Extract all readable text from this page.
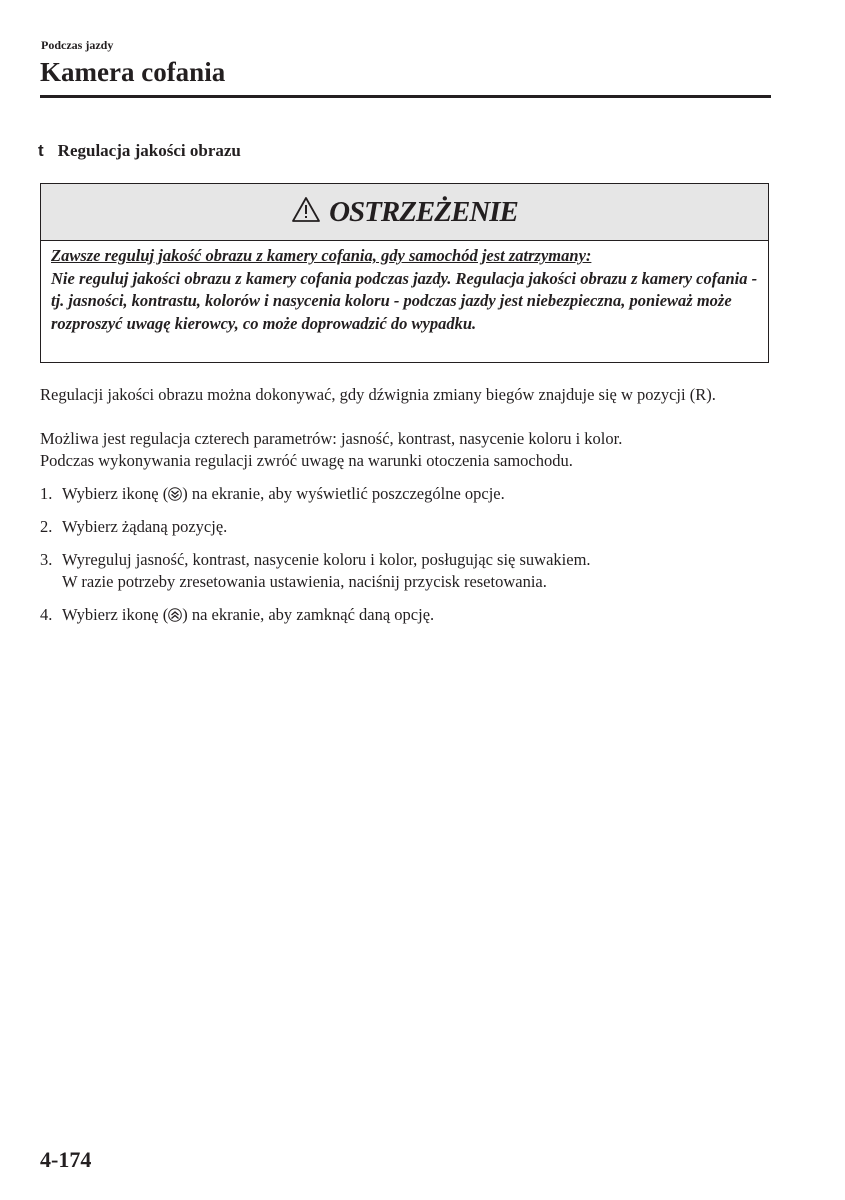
Podczas jazdy
Kamera cofania
t Regulacja jakości obrazu
OSTRZEŻENIE
Zawsze reguluj jakość obrazu z kamery cofania, gdy samochód jest zatrzymany:
Nie reguluj jakości obrazu z kamery cofania podczas jazdy. Regulacja jakości obrazu z kamery cofania - tj. jasności, kontrastu, kolorów i nasycenia koloru - podczas jazdy jest niebezpieczna, ponieważ może rozproszyć uwagę kierowcy, co może doprowadzić do wypadku.
Regulacji jakości obrazu można dokonywać, gdy dźwignia zmiany biegów znajduje się w pozycji (R).
Możliwa jest regulacja czterech parametrów: jasność, kontrast, nasycenie koloru i kolor.
Podczas wykonywania regulacji zwróć uwagę na warunki otoczenia samochodu.
1. Wybierz ikonę ( ) na ekranie, aby wyświetlić poszczególne opcje.
2. Wybierz żądaną pozycję.
3. Wyreguluj jasność, kontrast, nasycenie koloru i kolor, posługując się suwakiem.
W razie potrzeby zresetowania ustawienia, naciśnij przycisk resetowania.
4. Wybierz ikonę ( ) na ekranie, aby zamknąć daną opcję.
4-174
